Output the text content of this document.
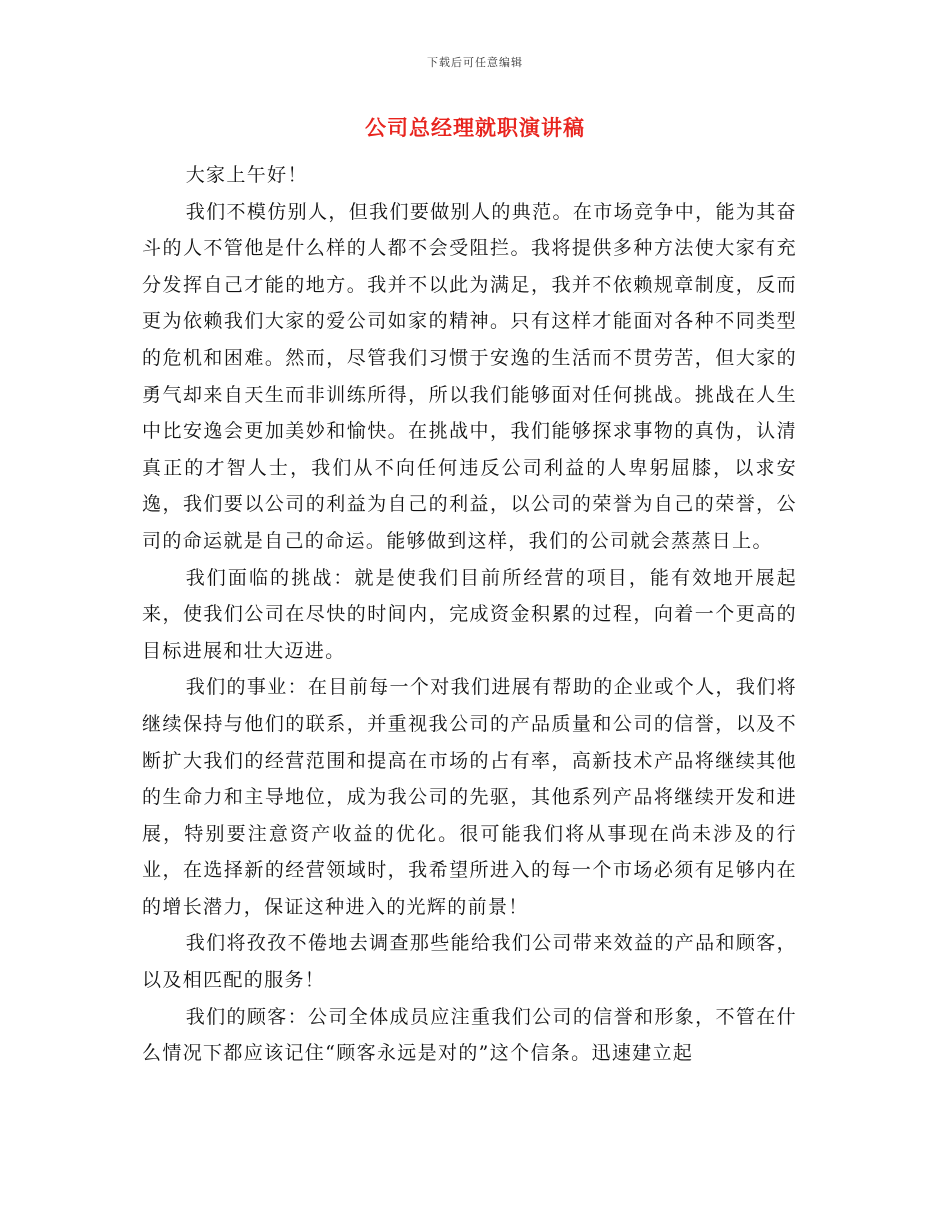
下载后可任意编辑
公司总经理就职演讲稿

大家上午好！

我们不模仿别人，但我们要做别人的典范。在市场竞争中，能为其奋斗的人不管他是什么样的人都不会受阻拦。我将提供多种方法使大家有充分发挥自己才能的地方。我并不以此为满足，我并不依赖规章制度，反而更为依赖我们大家的爱公司如家的精神。只有这样才能面对各种不同类型的危机和困难。然而，尽管我们习惯于安逸的生活而不贯劳苦，但大家的勇气却来自天生而非训练所得，所以我们能够面对任何挑战。挑战在人生中比安逸会更加美妙和愉快。在挑战中，我们能够探求事物的真伪，认清真正的才智人士，我们从不向任何违反公司利益的人卑躬屈膝，以求安逸，我们要以公司的利益为自己的利益，以公司的荣誉为自己的荣誉，公司的命运就是自己的命运。能够做到这样，我们的公司就会蒸蒸日上。

我们面临的挑战：就是使我们目前所经营的项目，能有效地开展起来，使我们公司在尽快的时间内，完成资金积累的过程，向着一个更高的目标进展和壮大迈进。

我们的事业：在目前每一个对我们进展有帮助的企业或个人，我们将继续保持与他们的联系，并重视我公司的产品质量和公司的信誉，以及不断扩大我们的经营范围和提高在市场的占有率，高新技术产品将继续其他的生命力和主导地位，成为我公司的先驱，其他系列产品将继续开发和进展，特别要注意资产收益的优化。很可能我们将从事现在尚未涉及的行业，在选择新的经营领域时，我希望所进入的每一个市场必须有足够内在的增长潜力，保证这种进入的光辉的前景！

我们将孜孜不倦地去调查那些能给我们公司带来效益的产品和顾客，以及相匹配的服务！

我们的顾客：公司全体成员应注重我们公司的信誉和形象，不管在什么情况下都应该记住“顾客永远是对的”这个信条。迅速建立起
